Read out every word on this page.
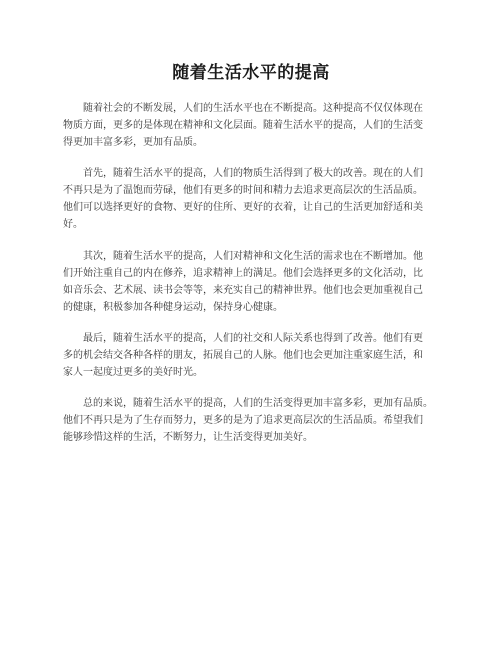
随着生活水平的提高

随着社会的不断发展，人们的生活水平也在不断提高。这种提高不仅仅体现在
物质方面，更多的是体现在精神和文化层面。随着生活水平的提高，人们的生活变
得更加丰富多彩，更加有品质。

首先，随着生活水平的提高，人们的物质生活得到了极大的改善。现在的人们
不再只是为了温饱而劳碌，他们有更多的时间和精力去追求更高层次的生活品质。
他们可以选择更好的食物、更好的住所、更好的衣着，让自己的生活更加舒适和美
好。

其次，随着生活水平的提高，人们对精神和文化生活的需求也在不断增加。他
们开始注重自己的内在修养，追求精神上的满足。他们会选择更多的文化活动，比
如音乐会、艺术展、读书会等等，来充实自己的精神世界。他们也会更加重视自己
的健康，积极参加各种健身运动，保持身心健康。

最后，随着生活水平的提高，人们的社交和人际关系也得到了改善。他们有更
多的机会结交各种各样的朋友，拓展自己的人脉。他们也会更加注重家庭生活，和
家人一起度过更多的美好时光。

总的来说，随着生活水平的提高，人们的生活变得更加丰富多彩，更加有品质。
他们不再只是为了生存而努力，更多的是为了追求更高层次的生活品质。希望我们
能够珍惜这样的生活，不断努力，让生活变得更加美好。
